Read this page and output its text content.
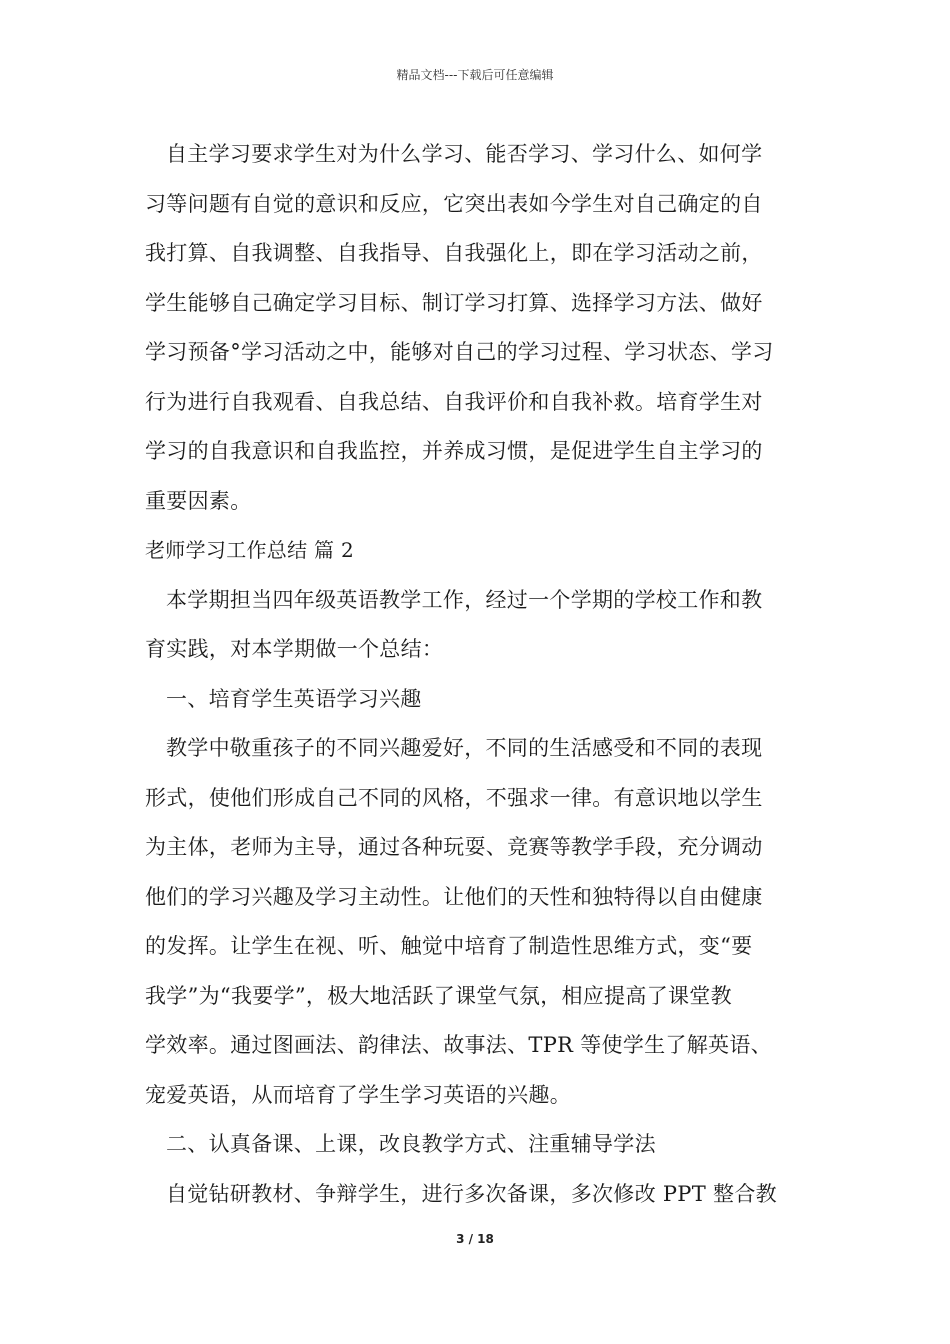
精品文档---下载后可任意编辑
自主学习要求学生对为什么学习、能否学习、学习什么、如何学
习等问题有自觉的意识和反应，它突出表如今学生对自己确定的自
我打算、自我调整、自我指导、自我强化上，即在学习活动之前，
学生能够自己确定学习目标、制订学习打算、选择学习方法、做好
学习预备°学习活动之中，能够对自己的学习过程、学习状态、学习
行为进行自我观看、自我总结、自我评价和自我补救。培育学生对
学习的自我意识和自我监控，并养成习惯，是促进学生自主学习的
重要因素。
老师学习工作总结 篇 2
本学期担当四年级英语教学工作，经过一个学期的学校工作和教
育实践，对本学期做一个总结：
一、培育学生英语学习兴趣
教学中敬重孩子的不同兴趣爱好，不同的生活感受和不同的表现
形式，使他们形成自己不同的风格，不强求一律。有意识地以学生
为主体，老师为主导，通过各种玩耍、竞赛等教学手段，充分调动
他们的学习兴趣及学习主动性。让他们的天性和独特得以自由健康
的发挥。让学生在视、听、触觉中培育了制造性思维方式，变“要
我学”为“我要学”，极大地活跃了课堂气氛，相应提高了课堂教
学效率。通过图画法、韵律法、故事法、TPR 等使学生了解英语、
宠爱英语，从而培育了学生学习英语的兴趣。
二、认真备课、上课，改良教学方式、注重辅导学法
自觉钻研教材、争辩学生，进行多次备课，多次修改 PPT 整合教
3 / 18
